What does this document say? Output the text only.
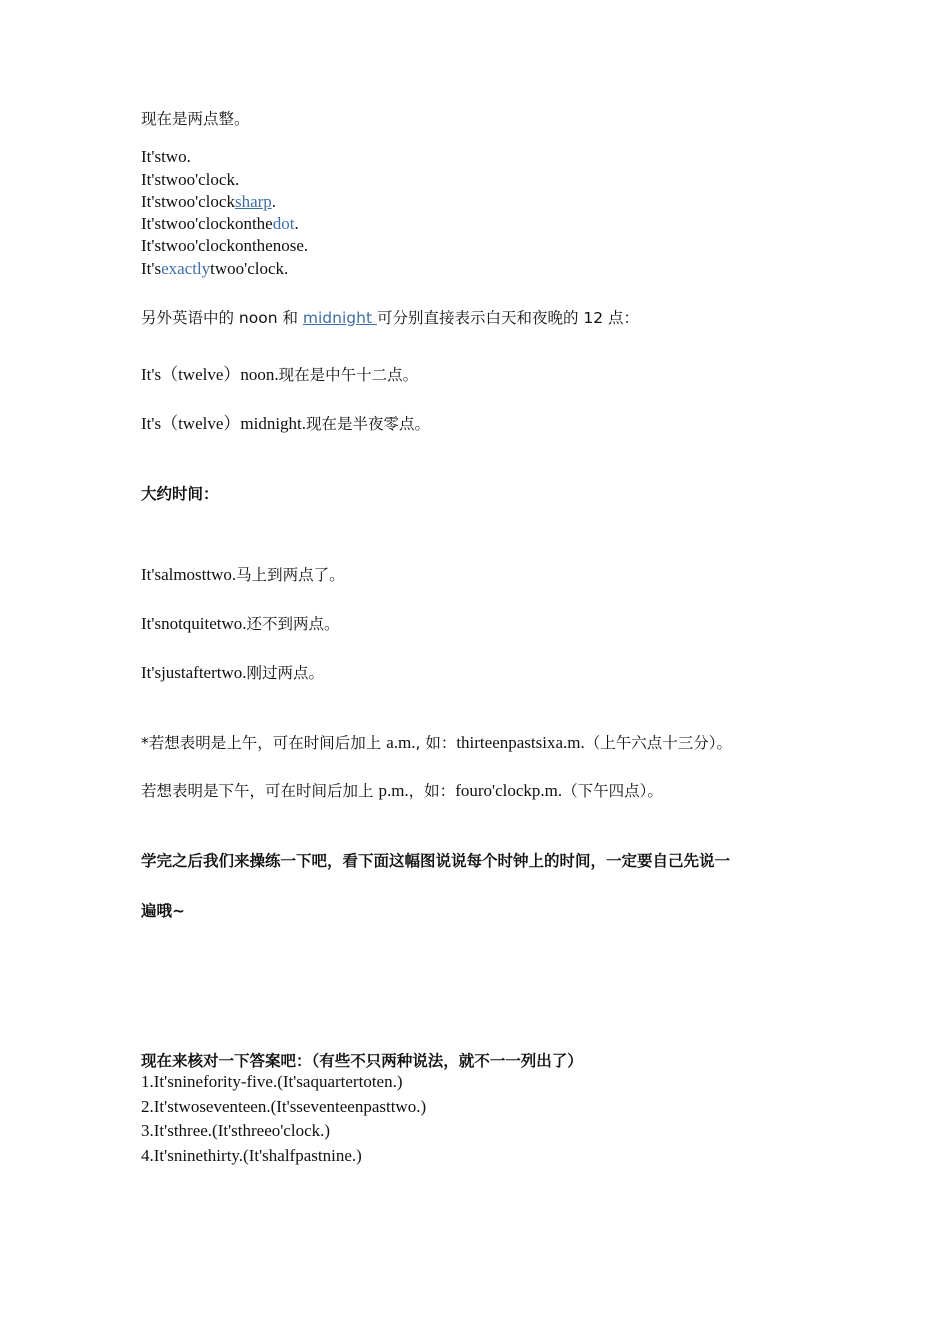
现在是两点整。
It'stwo.
It'stwoo'clock.
It'stwoo'clocksharp.
It'stwoo'clockonthedot.
It'stwoo'clockonthenose.
It'sexactlytwoo'clock.
另外英语中的 noon 和 midnight 可分别直接表示白天和夜晚的 12 点：
It's（twelve）noon.现在是中午十二点。
It's（twelve）midnight.现在是半夜零点。
大约时间：
It'salmosttwo.马上到两点了。
It'snotquitetwo.还不到两点。
It'sjustaftertwo.刚过两点。
*若想表明是上午，可在时间后加上 a.m., 如：thirteenpastsixa.m.（上午六点十三分）。
若想表明是下午，可在时间后加上 p.m.，如：fouro'clockp.m.（下午四点）。
学完之后我们来操练一下吧，看下面这幅图说说每个时钟上的时间，一定要自己先说一
遍哦~
现在来核对一下答案吧：（有些不只两种说法，就不一一列出了）
1.It'sninefority-five.(It'saquartertoten.)
2.It'stwoseventeen.(It'sseventeenpasttwo.)
3.It'sthree.(It'sthreeo'clock.)
4.It'sninethirty.(It'shalfpastnine.)
